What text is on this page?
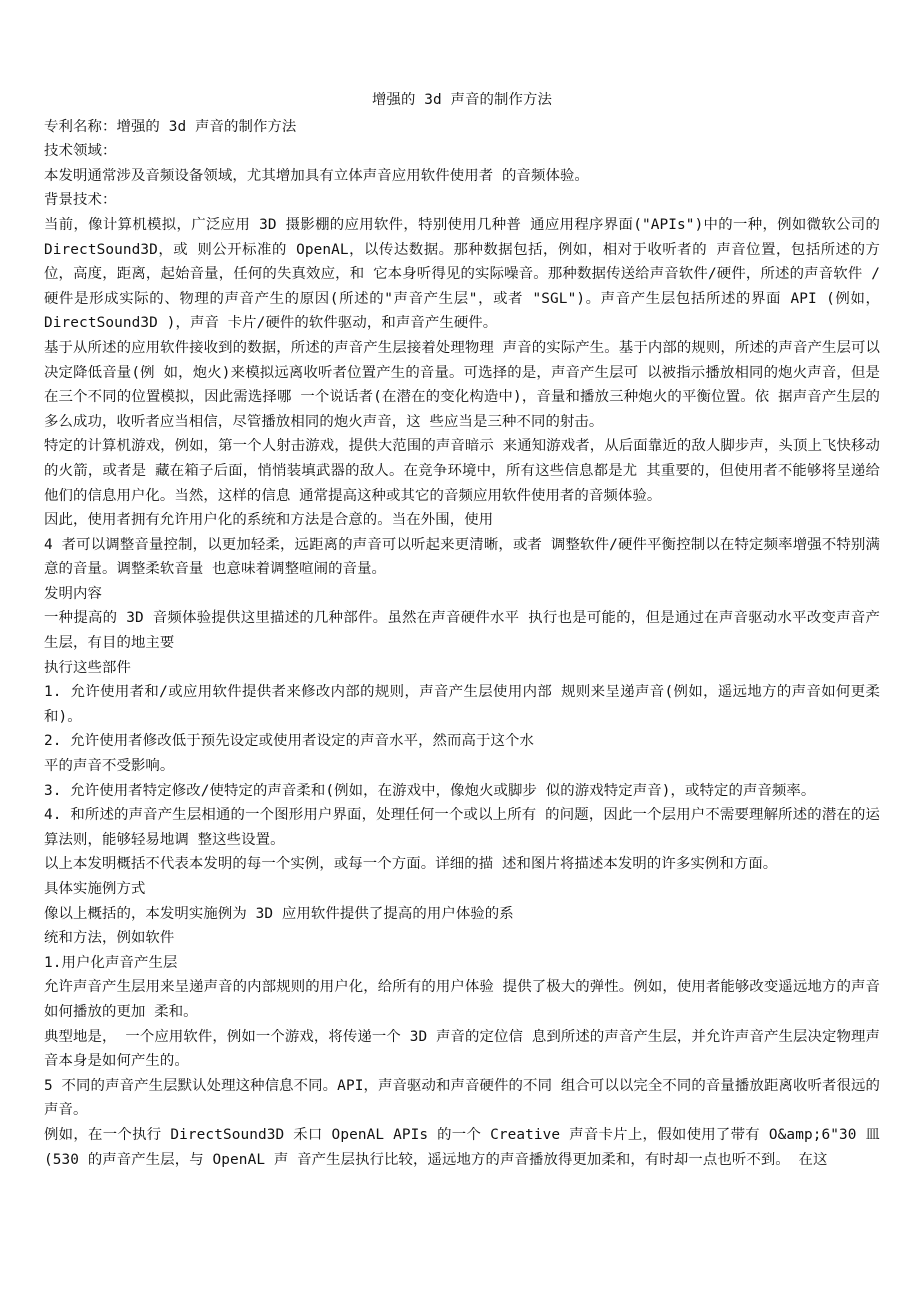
增强的 3d 声音的制作方法

专利名称：增强的 3d 声音的制作方法

技术领域：

本发明通常涉及音频设备领域，尤其增加具有立体声音应用软件使用者 的音频体验。

背景技术：

当前，像计算机模拟，广泛应用 3D 摄影棚的应用软件，特别使用几种普 通应用程序界面("APIs")中的一种，例如微软公司的 DirectSound3D，或 则公开标准的 OpenAL，以传达数据。那种数据包括，例如，相对于收听者的 声音位置，包括所述的方位，高度，距离，起始音量，任何的失真效应，和 它本身听得见的实际噪音。那种数据传送给声音软件/硬件，所述的声音软件 /硬件是形成实际的、物理的声音产生的原因(所述的"声音产生层"，或者 "SGL")。声音产生层包括所述的界面 API (例如，DirectSound3D )，声音 卡片/硬件的软件驱动，和声音产生硬件。

基于从所述的应用软件接收到的数据，所述的声音产生层接着处理物理 声音的实际产生。基于内部的规则，所述的声音产生层可以决定降低音量(例 如，炮火)来模拟远离收听者位置产生的音量。可选择的是，声音产生层可 以被指示播放相同的炮火声音，但是在三个不同的位置模拟，因此需选择哪 一个说话者(在潜在的变化构造中)，音量和播放三种炮火的平衡位置。依 据声音产生层的多么成功，收听者应当相信，尽管播放相同的炮火声音，这 些应当是三种不同的射击。

特定的计算机游戏，例如，第一个人射击游戏，提供大范围的声音暗示 来通知游戏者，从后面靠近的敌人脚步声，头顶上飞快移动的火箭，或者是 藏在箱子后面，悄悄装填武器的敌人。在竞争环境中，所有这些信息都是尤 其重要的，但使用者不能够将呈递给他们的信息用户化。当然，这样的信息 通常提高这种或其它的音频应用软件使用者的音频体验。

因此，使用者拥有允许用户化的系统和方法是合意的。当在外围，使用

4 者可以调整音量控制，以更加轻柔，远距离的声音可以听起来更清晰，或者 调整软件/硬件平衡控制以在特定频率增强不特别满意的音量。调整柔软音量 也意味着调整喧闹的音量。

发明内容

一种提高的 3D 音频体验提供这里描述的几种部件。虽然在声音硬件水平 执行也是可能的，但是通过在声音驱动水平改变声音产生层，有目的地主要

执行这些部件

1. 允许使用者和/或应用软件提供者来修改内部的规则，声音产生层使用内部 规则来呈递声音(例如，遥远地方的声音如何更柔和)。

2. 允许使用者修改低于预先设定或使用者设定的声音水平，然而高于这个水

平的声音不受影响。

3. 允许使用者特定修改/使特定的声音柔和(例如，在游戏中，像炮火或脚步 似的游戏特定声音)，或特定的声音频率。

4. 和所述的声音产生层相通的一个图形用户界面，处理任何一个或以上所有 的问题，因此一个层用户不需要理解所述的潜在的运算法则，能够轻易地调 整这些设置。

以上本发明概括不代表本发明的每一个实例，或每一个方面。详细的描 述和图片将描述本发明的许多实例和方面。

具体实施例方式

像以上概括的，本发明实施例为 3D 应用软件提供了提高的用户体验的系

统和方法，例如软件

1.用户化声音产生层

允许声音产生层用来呈递声音的内部规则的用户化，给所有的用户体验 提供了极大的弹性。例如，使用者能够改变遥远地方的声音如何播放的更加 柔和。

典型地是， 一个应用软件，例如一个游戏，将传递一个 3D 声音的定位信 息到所述的声音产生层，并允许声音产生层决定物理声音本身是如何产生的。

5 不同的声音产生层默认处理这种信息不同。API，声音驱动和声音硬件的不同 组合可以以完全不同的音量播放距离收听者很远的声音。

例如，在一个执行 DirectSound3D 禾口 OpenAL APIs 的一个 Creative 声音卡片上，假如使用了带有 O&amp;6"30 皿(530 的声音产生层，与 OpenAL 声 音产生层执行比较，遥远地方的声音播放得更加柔和，有时却一点也听不到。 在这
